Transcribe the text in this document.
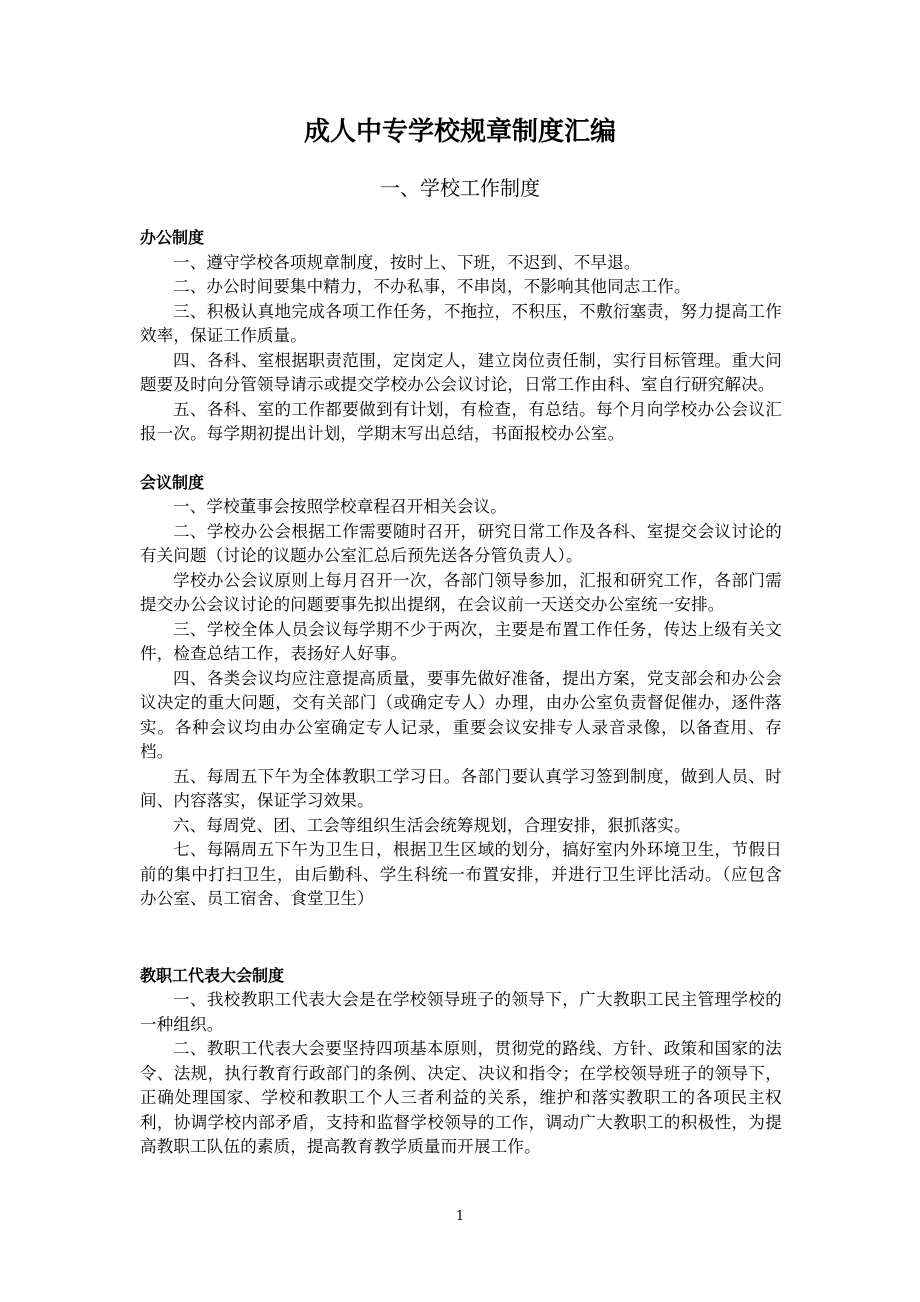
成人中专学校规章制度汇编
一、学校工作制度

办公制度

一、遵守学校各项规章制度，按时上、下班，不迟到、不早退。

二、办公时间要集中精力，不办私事，不串岗，不影响其他同志工作。

三、积极认真地完成各项工作任务，不拖拉，不积压，不敷衍塞责，努力提高工作效率，保证工作质量。

四、各科、室根据职责范围，定岗定人，建立岗位责任制，实行目标管理。重大问题要及时向分管领导请示或提交学校办公会议讨论，日常工作由科、室自行研究解决。

五、各科、室的工作都要做到有计划，有检查，有总结。每个月向学校办公会议汇报一次。每学期初提出计划，学期末写出总结，书面报校办公室。

会议制度

一、学校董事会按照学校章程召开相关会议。

二、学校办公会根据工作需要随时召开，研究日常工作及各科、室提交会议讨论的有关问题（讨论的议题办公室汇总后预先送各分管负责人）。

学校办公会议原则上每月召开一次，各部门领导参加，汇报和研究工作，各部门需提交办公会议讨论的问题要事先拟出提纲，在会议前一天送交办公室统一安排。

三、学校全体人员会议每学期不少于两次，主要是布置工作任务，传达上级有关文件，检查总结工作，表扬好人好事。

四、各类会议均应注意提高质量，要事先做好准备，提出方案，党支部会和办公会议决定的重大问题，交有关部门（或确定专人）办理，由办公室负责督促催办，逐件落实。各种会议均由办公室确定专人记录，重要会议安排专人录音录像，以备查用、存档。

五、每周五下午为全体教职工学习日。各部门要认真学习签到制度，做到人员、时间、内容落实，保证学习效果。

六、每周党、团、工会等组织生活会统筹规划，合理安排，狠抓落实。

七、每隔周五下午为卫生日，根据卫生区域的划分，搞好室内外环境卫生，节假日前的集中打扫卫生，由后勤科、学生科统一布置安排，并进行卫生评比活动。（应包含办公室、员工宿舍、食堂卫生）

教职工代表大会制度

一、我校教职工代表大会是在学校领导班子的领导下，广大教职工民主管理学校的一种组织。

二、教职工代表大会要坚持四项基本原则，贯彻党的路线、方针、政策和国家的法令、法规，执行教育行政部门的条例、决定、决议和指令；在学校领导班子的领导下，正确处理国家、学校和教职工个人三者利益的关系，维护和落实教职工的各项民主权利，协调学校内部矛盾，支持和监督学校领导的工作，调动广大教职工的积极性，为提高教职工队伍的素质，提高教育教学质量而开展工作。

1
